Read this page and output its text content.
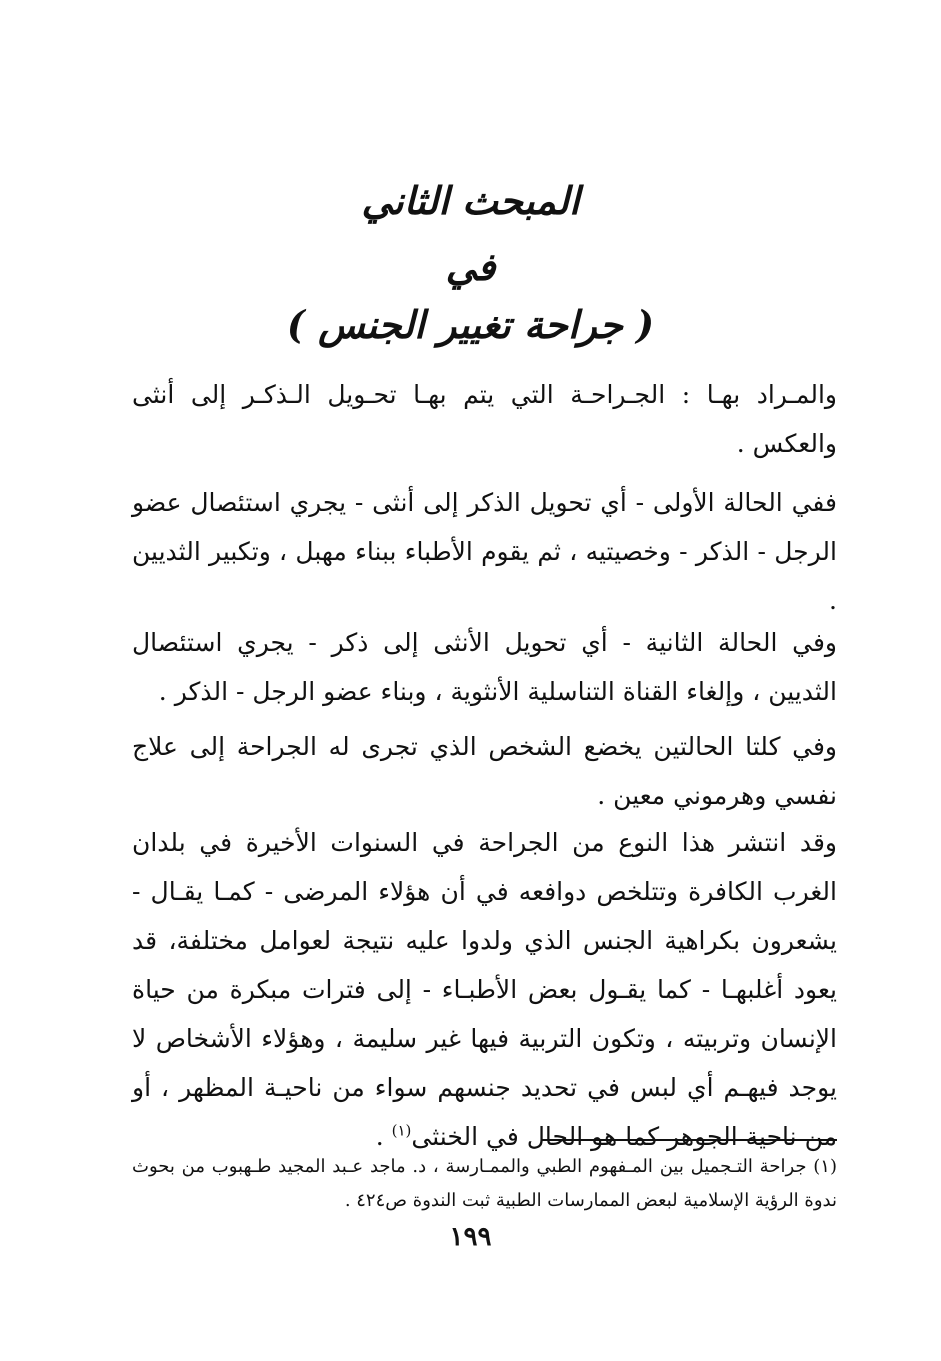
المبحث الثاني
في
( جراحة تغيير الجنس )

والمـراد بهـا : الجـراحـة التي يتم بهـا تحـويل الـذكـر إلى أنثى والعكس .

ففي الحالة الأولى - أي تحويل الذكر إلى أنثى - يجري استئصال عضو الرجل - الذكر - وخصيتيه ، ثم يقوم الأطباء ببناء مهبل ، وتكبير الثديين .

وفي الحالة الثانية - أي تحويل الأنثى إلى ذكر - يجري استئصال الثديين ، وإلغاء القناة التناسلية الأنثوية ، وبناء عضو الرجل - الذكر .

وفي كلتا الحالتين يخضع الشخص الذي تجرى له الجراحة إلى علاج نفسي وهرموني معين .

وقد انتشر هذا النوع من الجراحة في السنوات الأخيرة في بلدان الغرب الكافرة وتتلخص دوافعه في أن هؤلاء المرضى - كمـا يقـال - يشعرون بكراهية الجنس الذي ولدوا عليه نتيجة لعوامل مختلفة، قد يعود أغلبهـا - كما يقـول بعض الأطبـاء - إلى فترات مبكرة من حياة الإنسان وتربيته ، وتكون التربية فيها غير سليمة ، وهؤلاء الأشخاص لا يوجد فيهـم أي لبس في تحديد جنسهم سواء من ناحيـة المظهر ، أو من ناحية الجوهر كما هو الحال في الخنثى$^{(١)}$ .

(١) جراحة التـجميل بين المـفهوم الطبي والممـارسة ، د. ماجد عـبد المجيد طـهبوب من بحوث ندوة الرؤية الإسلامية لبعض الممارسات الطبية ثبت الندوة ص٤٢٤ .

١٩٩
